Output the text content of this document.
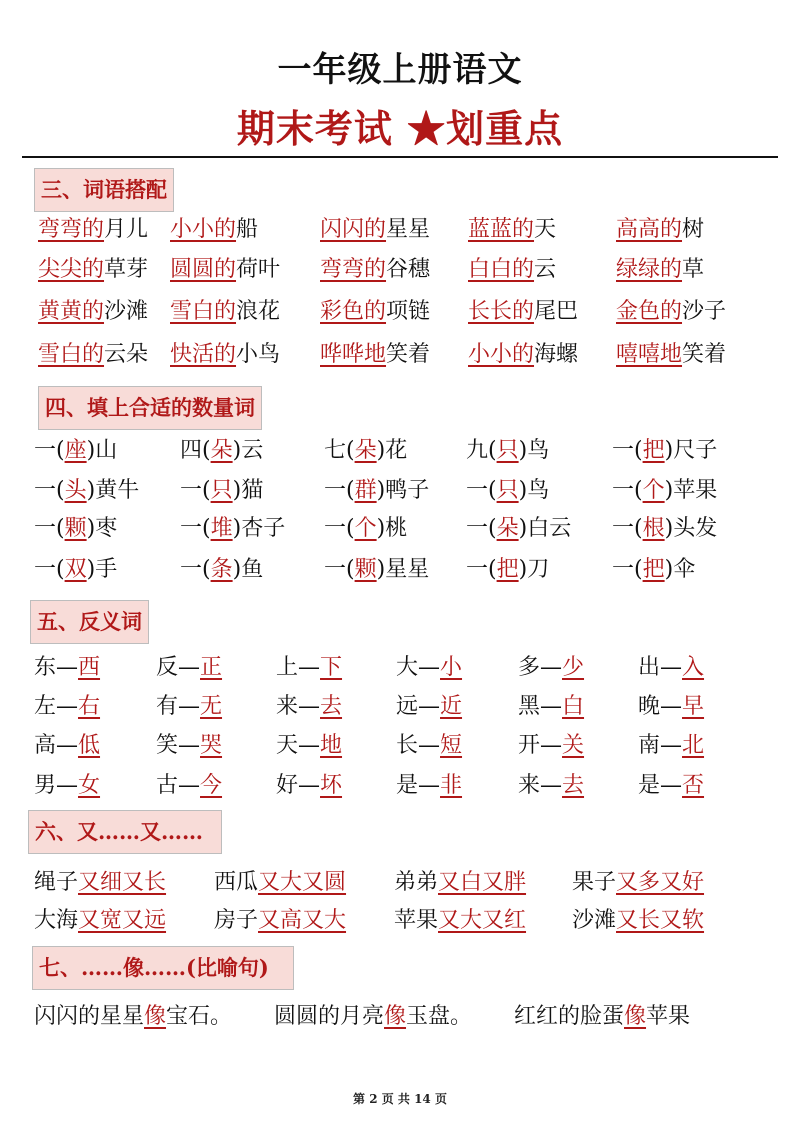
一年级上册语文
期末考试 ★划重点
三、词语搭配
弯弯的月儿 小小的船	闪闪的星星 蓝蓝的天	高高的树
尖尖的草芽 圆圆的荷叶 弯弯的谷穗 白白的云	绿绿的草
黄黄的沙滩 雪白的浪花 彩色的项链 长长的尾巴 金色的沙子
雪白的云朵 快活的小鸟 哗哗地笑着 小小的海螺 嘻嘻地笑着
四、填上合适的数量词
一(座)山	四(朵)云	七(朵)花	九(只)鸟	一(把)尺子
一(头)黄牛 一(只)猫	一(群)鸭子 一(只)鸟	一(个)苹果
一(颗)枣	一(堆)杏子 一(个)桃	一(朵)白云 一(根)头发
一(双)手	一(条)鱼	一(颗)星星 一(把)刀	一(把)伞
五、反义词
东—西	反—正 上—下 大—小	多—少 出—入
左—右	有—无 来—去 远—近	黑—白 晚—早
高—低	笑—哭 天—地 长—短	开—关 南—北
男—女	古—今 好—坏 是—非	来—去 是—否
六、又……又……
绳子又细又长 西瓜又大又圆 弟弟又白又胖 果子又多又好
大海又宽又远 房子又高又大 苹果又大又红 沙滩又长又软
七、……像……(比喻句)
闪闪的星星像宝石。 圆圆的月亮像玉盘。 红红的脸蛋像苹果
第 2 页 共 14 页
